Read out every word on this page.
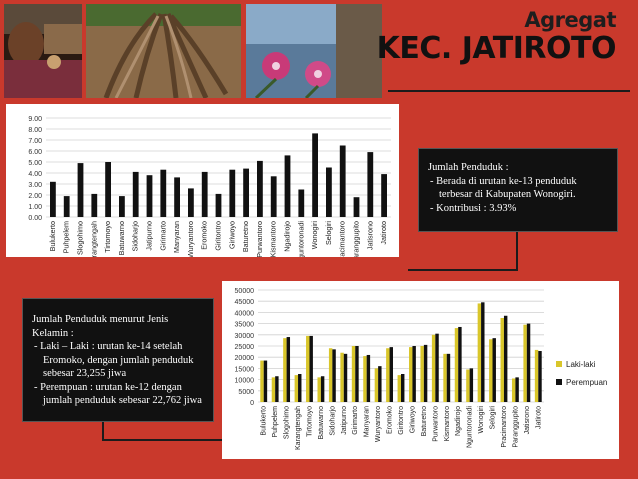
Agregat
KEC. JATIROTO
0.00
1.00
2.00
3.00
4.00
5.00
6.00
7.00
8.00
9.00
Bulukerto Puhpelem Slogohimo Karangtengah Tirtomoyo Batuwarno Sidoharjo Jatipurno Girimarto Manyaran Wuryantoro Eromoko Giritontro Giriwoyo Baturetno Purwantoro Kismantoro Ngadirojo Nguntoronadi Wonogiri Selogiri Pracimantoro Paranggupito Jatisrono Jatiroto
Jumlah Penduduk :
- Berada di urutan ke-13 penduduk terbesar di Kabupaten Wonogiri.
- Kontribusi : 3.93%
0
5000
10000
15000
20000
25000
30000
35000
40000
45000
50000
Bulukerto Puhpelem Slogohimo Karangtengah Tirtomoyo Batuwarno Sidoharjo Jatipurno Girimarto Manyaran Wuryantoro Eromoko Giritontro Giriwoyo Baturetno Purwantoro Kismantoro Ngadirojo Nguntoronadi Wonogiri Selogiri Pracimantoro Paranggupito Jatisrono Jatiroto
Laki-laki
Perempuan
Jumlah Penduduk menurut Jenis Kelamin :
- Laki – Laki : urutan ke-14 setelah Eromoko, dengan jumlah penduduk sebesar 23,255 jiwa
- Perempuan : urutan ke-12 dengan jumlah penduduk sebesar 22,762 jiwa
